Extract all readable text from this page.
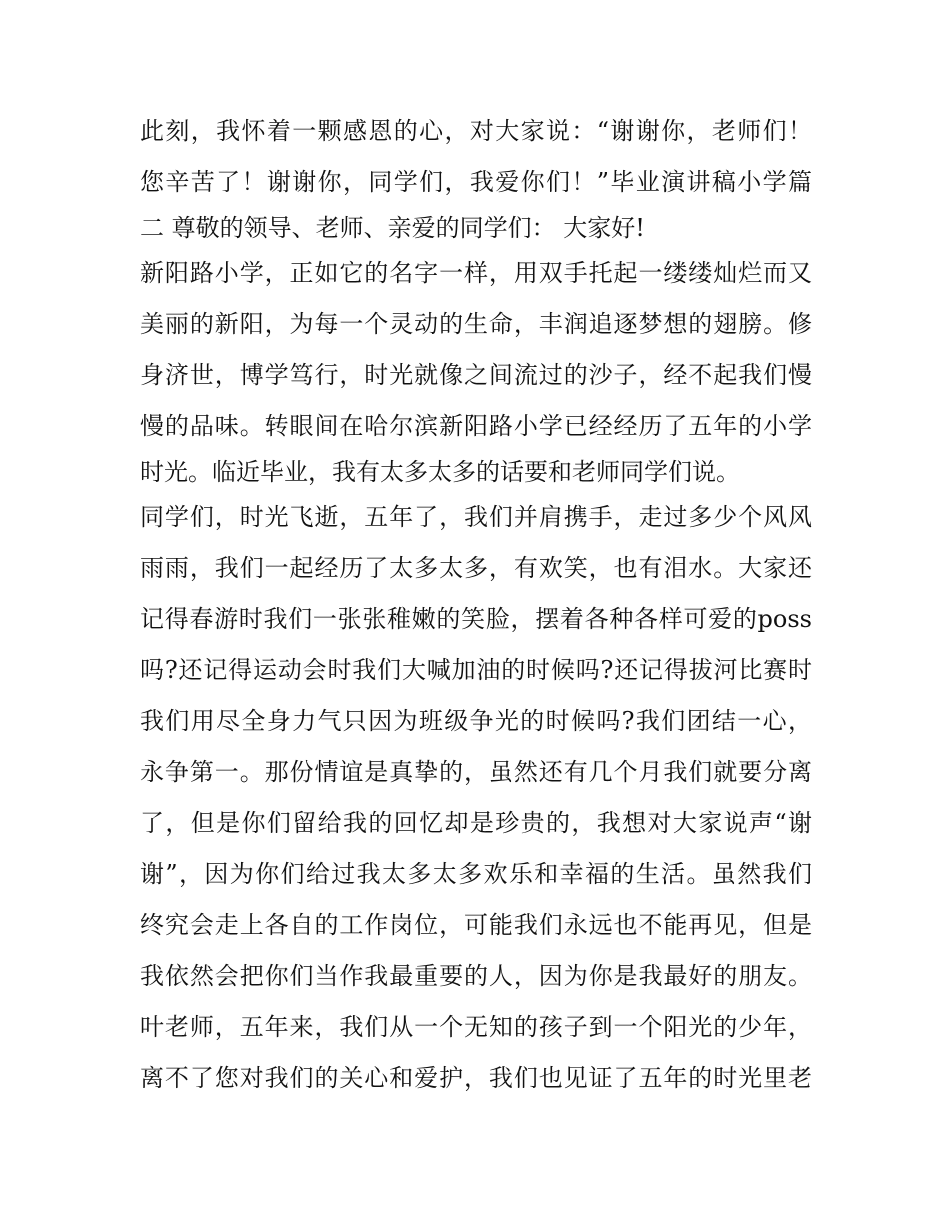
此刻，我怀着一颗感恩的心，对大家说：“谢谢你，老师们！
您辛苦了！谢谢你，同学们，我爱你们！”毕业演讲稿小学篇
二 尊敬的领导、老师、亲爱的同学们： 大家好!
新阳路小学，正如它的名字一样，用双手托起一缕缕灿烂而又
美丽的新阳，为每一个灵动的生命，丰润追逐梦想的翅膀。修
身济世，博学笃行，时光就像之间流过的沙子，经不起我们慢
慢的品味。转眼间在哈尔滨新阳路小学已经经历了五年的小学
时光。临近毕业，我有太多太多的话要和老师同学们说。
同学们，时光飞逝，五年了，我们并肩携手，走过多少个风风
雨雨，我们一起经历了太多太多，有欢笑，也有泪水。大家还
记得春游时我们一张张稚嫩的笑脸，摆着各种各样可爱的poss
吗?还记得运动会时我们大喊加油的时候吗?还记得拔河比赛时
我们用尽全身力气只因为班级争光的时候吗?我们团结一心，
永争第一。那份情谊是真挚的，虽然还有几个月我们就要分离
了，但是你们留给我的回忆却是珍贵的，我想对大家说声“谢
谢”，因为你们给过我太多太多欢乐和幸福的生活。虽然我们
终究会走上各自的工作岗位，可能我们永远也不能再见，但是
我依然会把你们当作我最重要的人，因为你是我最好的朋友。
叶老师，五年来，我们从一个无知的孩子到一个阳光的少年，
离不了您对我们的关心和爱护，我们也见证了五年的时光里老
